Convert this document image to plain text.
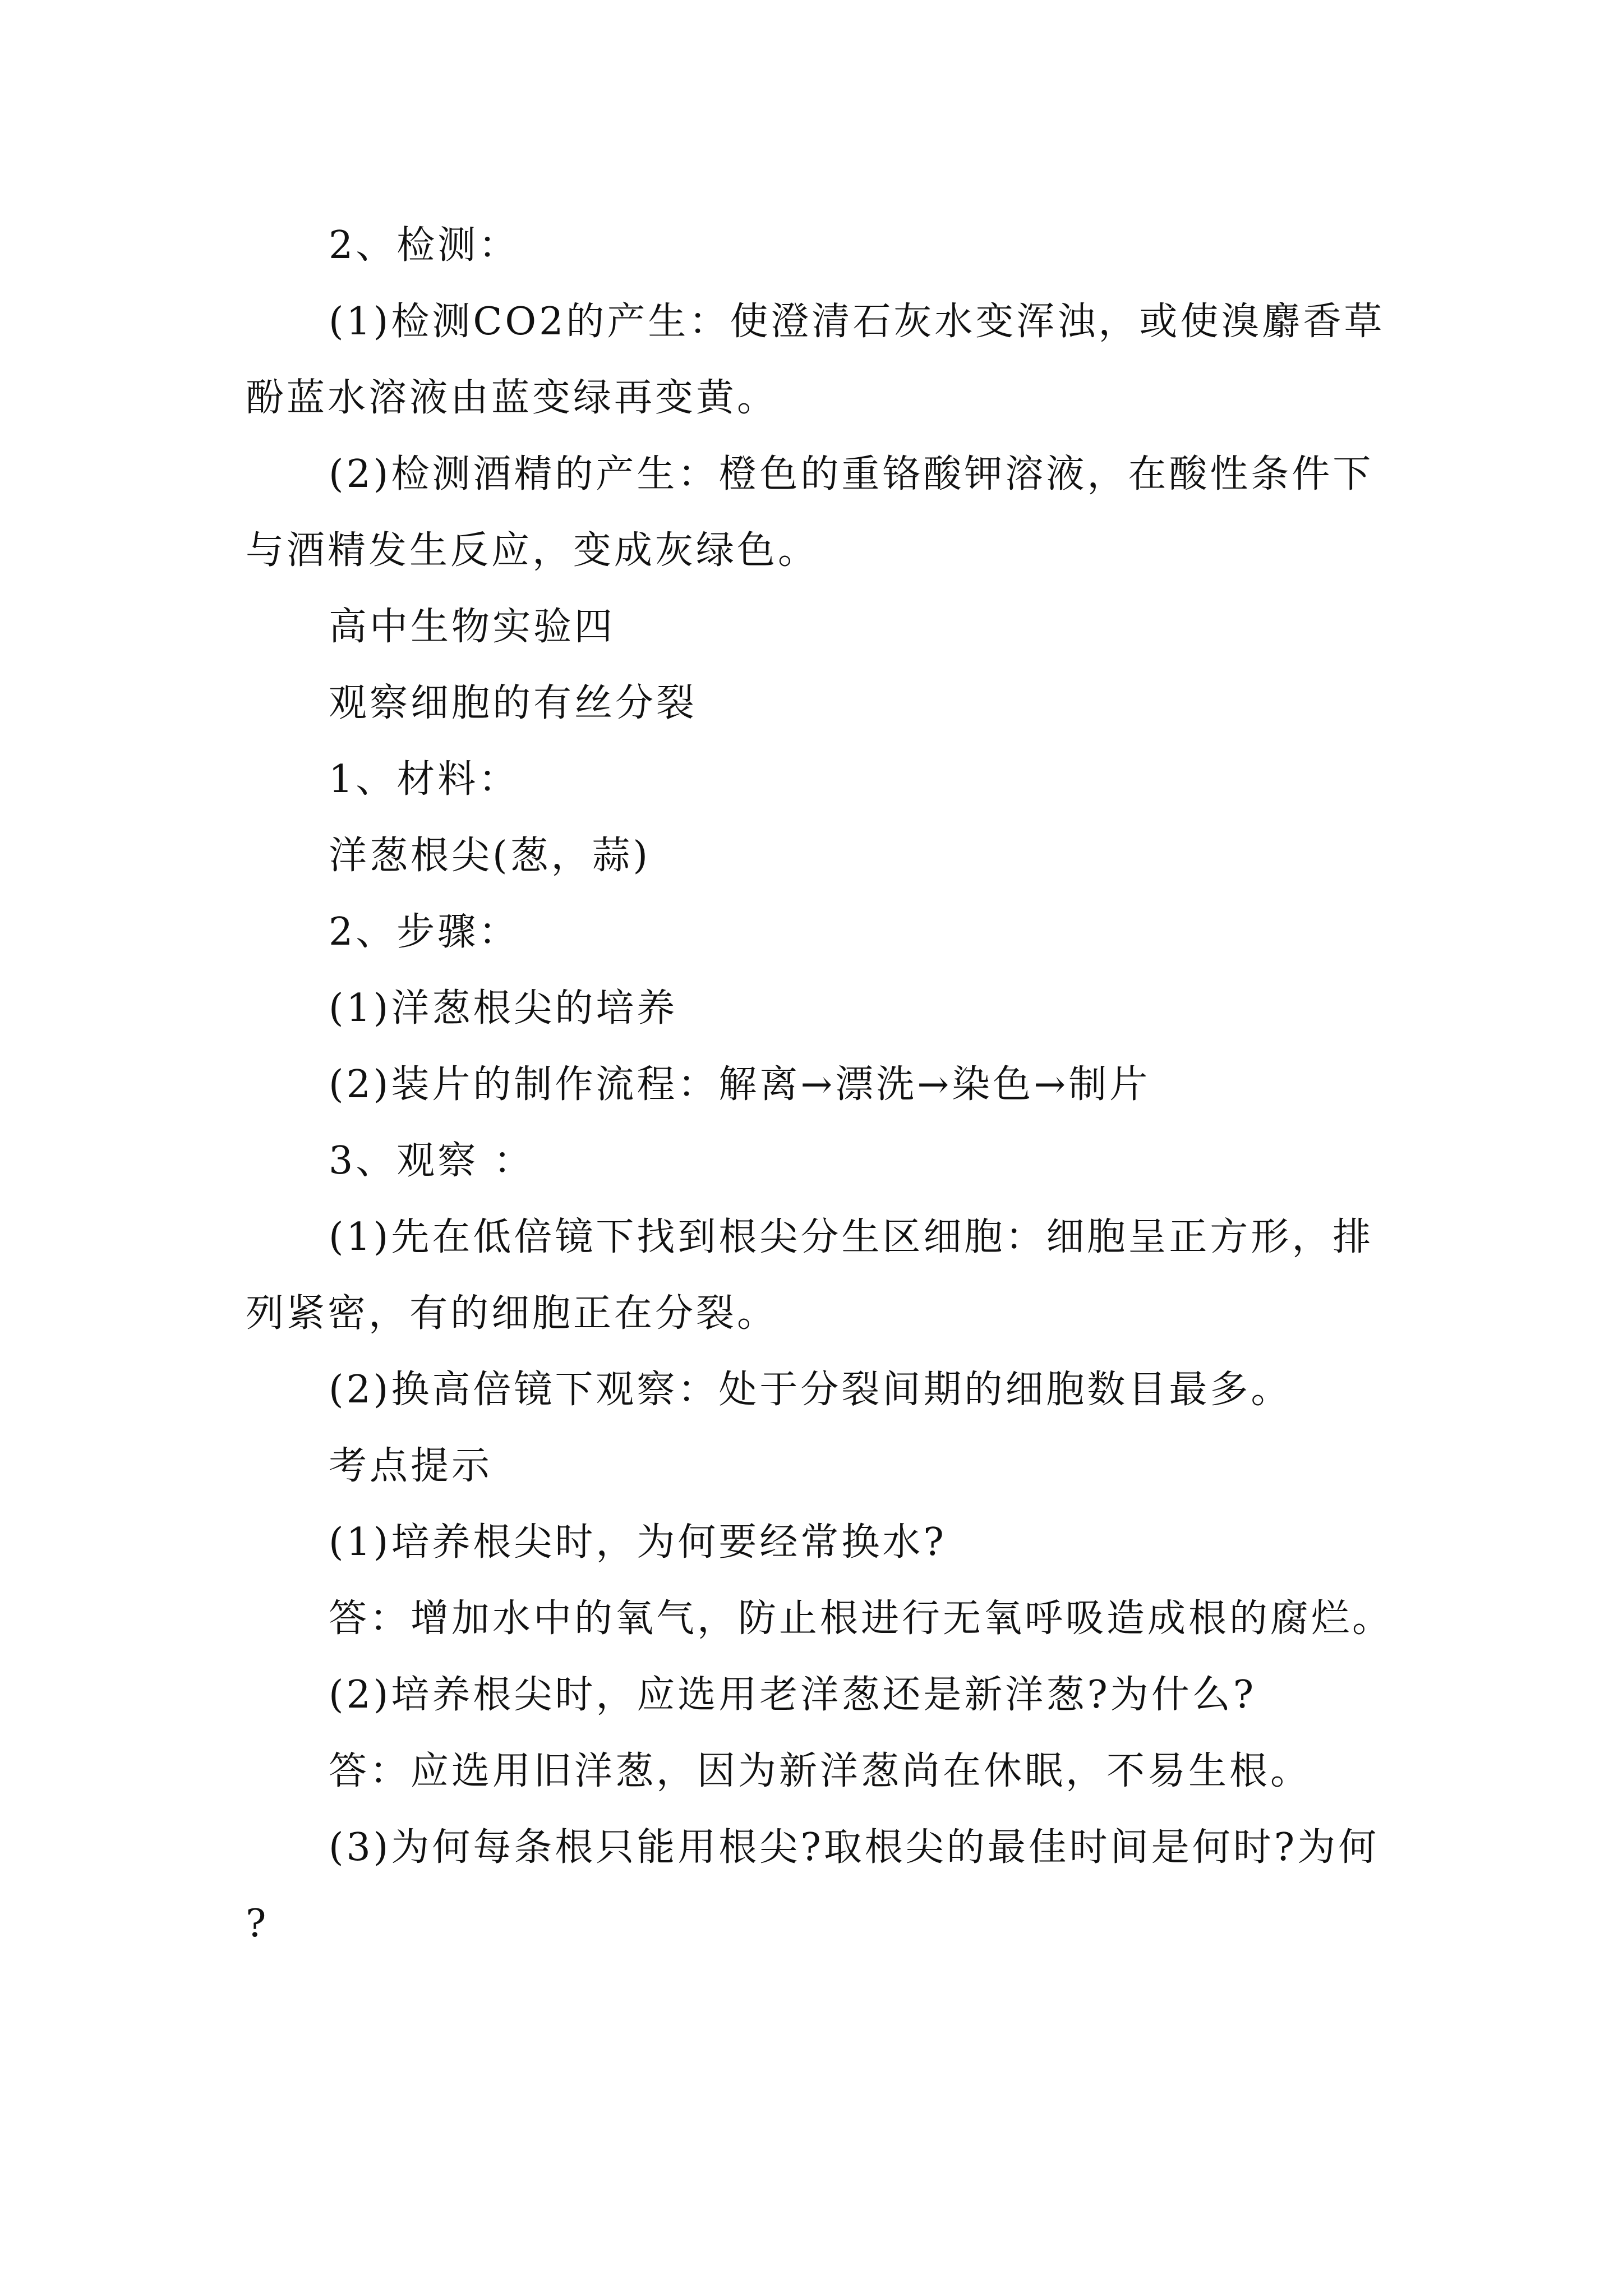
2、检测：

(1)检测CO2的产生：使澄清石灰水变浑浊，或使溴麝香草酚蓝水溶液由蓝变绿再变黄。

(2)检测酒精的产生：橙色的重铬酸钾溶液，在酸性条件下与酒精发生反应，变成灰绿色。

高中生物实验四

观察细胞的有丝分裂

1、材料：

洋葱根尖(葱，蒜)

2、步骤：

(1)洋葱根尖的培养

(2)装片的制作流程：解离→漂洗→染色→制片

3、观察 ：

(1)先在低倍镜下找到根尖分生区细胞：细胞呈正方形，排列紧密，有的细胞正在分裂。

(2)换高倍镜下观察：处于分裂间期的细胞数目最多。

考点提示

(1)培养根尖时，为何要经常换水?

答：增加水中的氧气，防止根进行无氧呼吸造成根的腐烂。

(2)培养根尖时，应选用老洋葱还是新洋葱?为什么?

答：应选用旧洋葱，因为新洋葱尚在休眠，不易生根。

(3)为何每条根只能用根尖?取根尖的最佳时间是何时?为何?
